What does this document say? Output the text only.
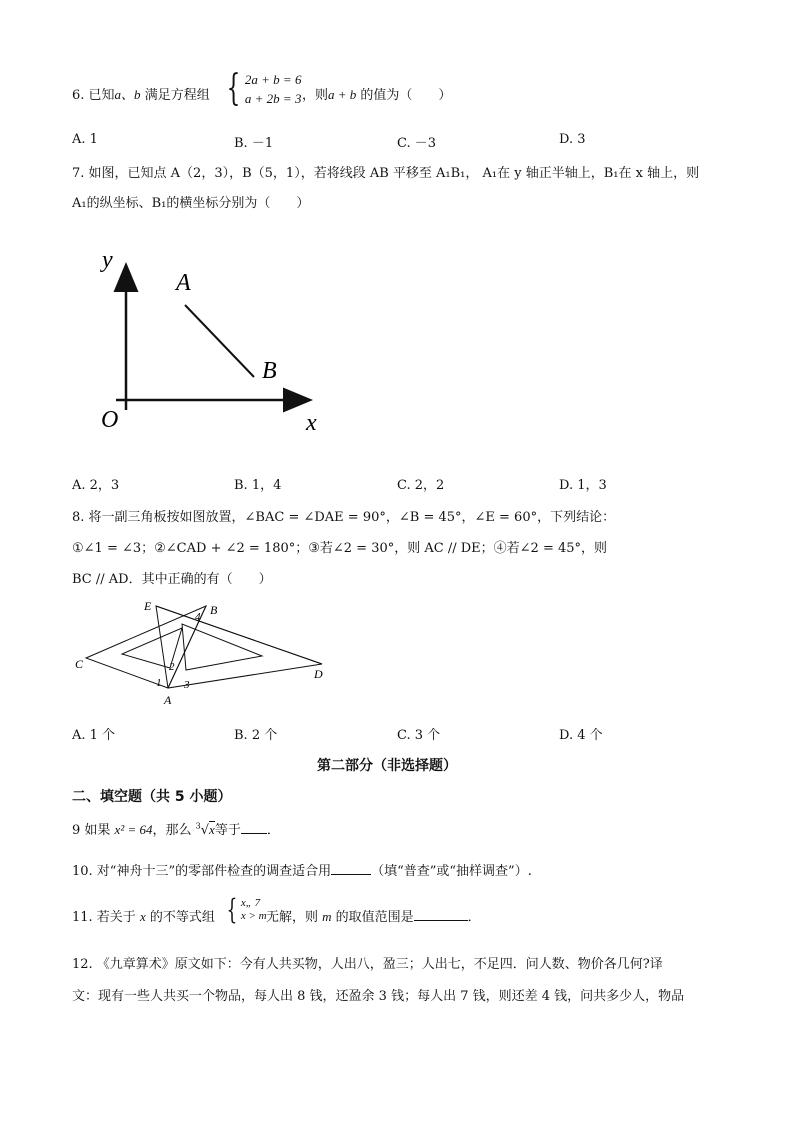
6. 已知a、b 满足方程组 { 2a + b = 6
a + 2b = 3 ，则a + b 的值为（　　）
A. 1	B. －1	C. －3	D. 3
7. 如图，已知点 A（2，3），B（5，1），若将线段 AB 平移至 A₁B₁， A₁在 y 轴正半轴上，B₁在 x 轴上，则
A₁的纵坐标、B₁的横坐标分别为（　　）
y
x
O
A
B
A. 2，3	B. 1，4	C. 2，2	D. 1，3
8. 将一副三角板按如图放置，∠BAC = ∠DAE = 90°，∠B = 45°，∠E = 60°，下列结论：
①∠1 = ∠3；②∠CAD + ∠2 = 180°；③若∠2 = 30°，则 AC // DE；④若∠2 = 45°，则
BC // AD．其中正确的有（　　）
E	B
C
D
A
1
2
3
4
A. 1 个	B. 2 个	C. 3 个	D. 4 个
第二部分（非选择题）
二、填空题（共 5 小题）
9 如果 x² = 64，那么 $^3$√x等于 ．
10. 对“神舟十三”的零部件检查的调查适合用	（填“普查”或“抽样调查”）.
11. 若关于 x 的不等式组 { x„ 7
x > m 无解，则 m 的取值范围是	．
12. 《九章算术》原文如下：今有人共买物，人出八，盈三；人出七，不足四．问人数、物价各几何?译
文：现有一些人共买一个物品，每人出 8 钱，还盈余 3 钱；每人出 7 钱，则还差 4 钱，问共多少人，物品
